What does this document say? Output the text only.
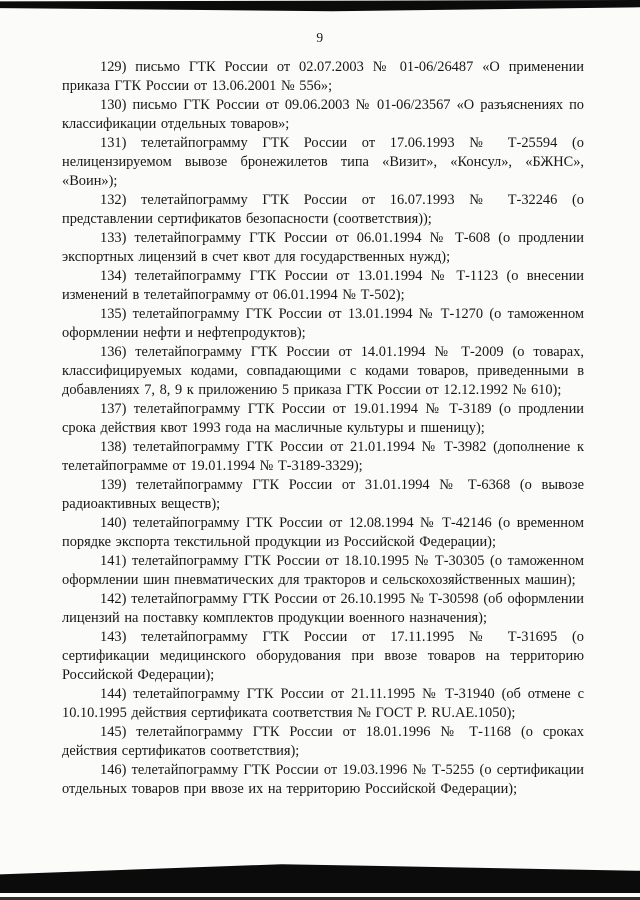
9

129) письмо ГТК России от 02.07.2003 № 01-06/26487 «О применении приказа ГТК России от 13.06.2001 № 556»;

130) письмо ГТК России от 09.06.2003 № 01-06/23567 «О разъяснениях по классификации отдельных товаров»;

131) телетайпограмму ГТК России от 17.06.1993 № Т-25594 (о нелицензируемом вывозе бронежилетов типа «Визит», «Консул», «БЖНС», «Воин»);

132) телетайпограмму ГТК России от 16.07.1993 № Т-32246 (о представлении сертификатов безопасности (соответствия));

133) телетайпограмму ГТК России от 06.01.1994 № Т-608 (о продлении экспортных лицензий в счет квот для государственных нужд);

134) телетайпограмму ГТК России от 13.01.1994 № Т-1123 (о внесении изменений в телетайпограмму от 06.01.1994 № Т-502);

135) телетайпограмму ГТК России от 13.01.1994 № Т-1270 (о таможенном оформлении нефти и нефтепродуктов);

136) телетайпограмму ГТК России от 14.01.1994 № Т-2009 (о товарах, классифицируемых кодами, совпадающими с кодами товаров, приведенными в добавлениях 7, 8, 9 к приложению 5 приказа ГТК России от 12.12.1992 № 610);

137) телетайпограмму ГТК России от 19.01.1994 № Т-3189 (о продлении срока действия квот 1993 года на масличные культуры и пшеницу);

138) телетайпограмму ГТК России от 21.01.1994 № Т-3982 (дополнение к телетайпограмме от 19.01.1994 № Т-3189-3329);

139) телетайпограмму ГТК России от 31.01.1994 № Т-6368 (о вывозе радиоактивных веществ);

140) телетайпограмму ГТК России от 12.08.1994 № Т-42146 (о временном порядке экспорта текстильной продукции из Российской Федерации);

141) телетайпограмму ГТК России от 18.10.1995 № Т-30305 (о таможенном оформлении шин пневматических для тракторов и сельскохозяйственных машин);

142) телетайпограмму ГТК России от 26.10.1995 № Т-30598 (об оформлении лицензий на поставку комплектов продукции военного назначения);

143) телетайпограмму ГТК России от 17.11.1995 № Т-31695 (о сертификации медицинского оборудования при ввозе товаров на территорию Российской Федерации);

144) телетайпограмму ГТК России от 21.11.1995 № Т-31940 (об отмене с 10.10.1995 действия сертификата соответствия № ГОСТ Р. RU.АЕ.1050);

145) телетайпограмму ГТК России от 18.01.1996 № Т-1168 (о сроках действия сертификатов соответствия);

146) телетайпограмму ГТК России от 19.03.1996 № Т-5255 (о сертификации отдельных товаров при ввозе их на территорию Российской Федерации);
